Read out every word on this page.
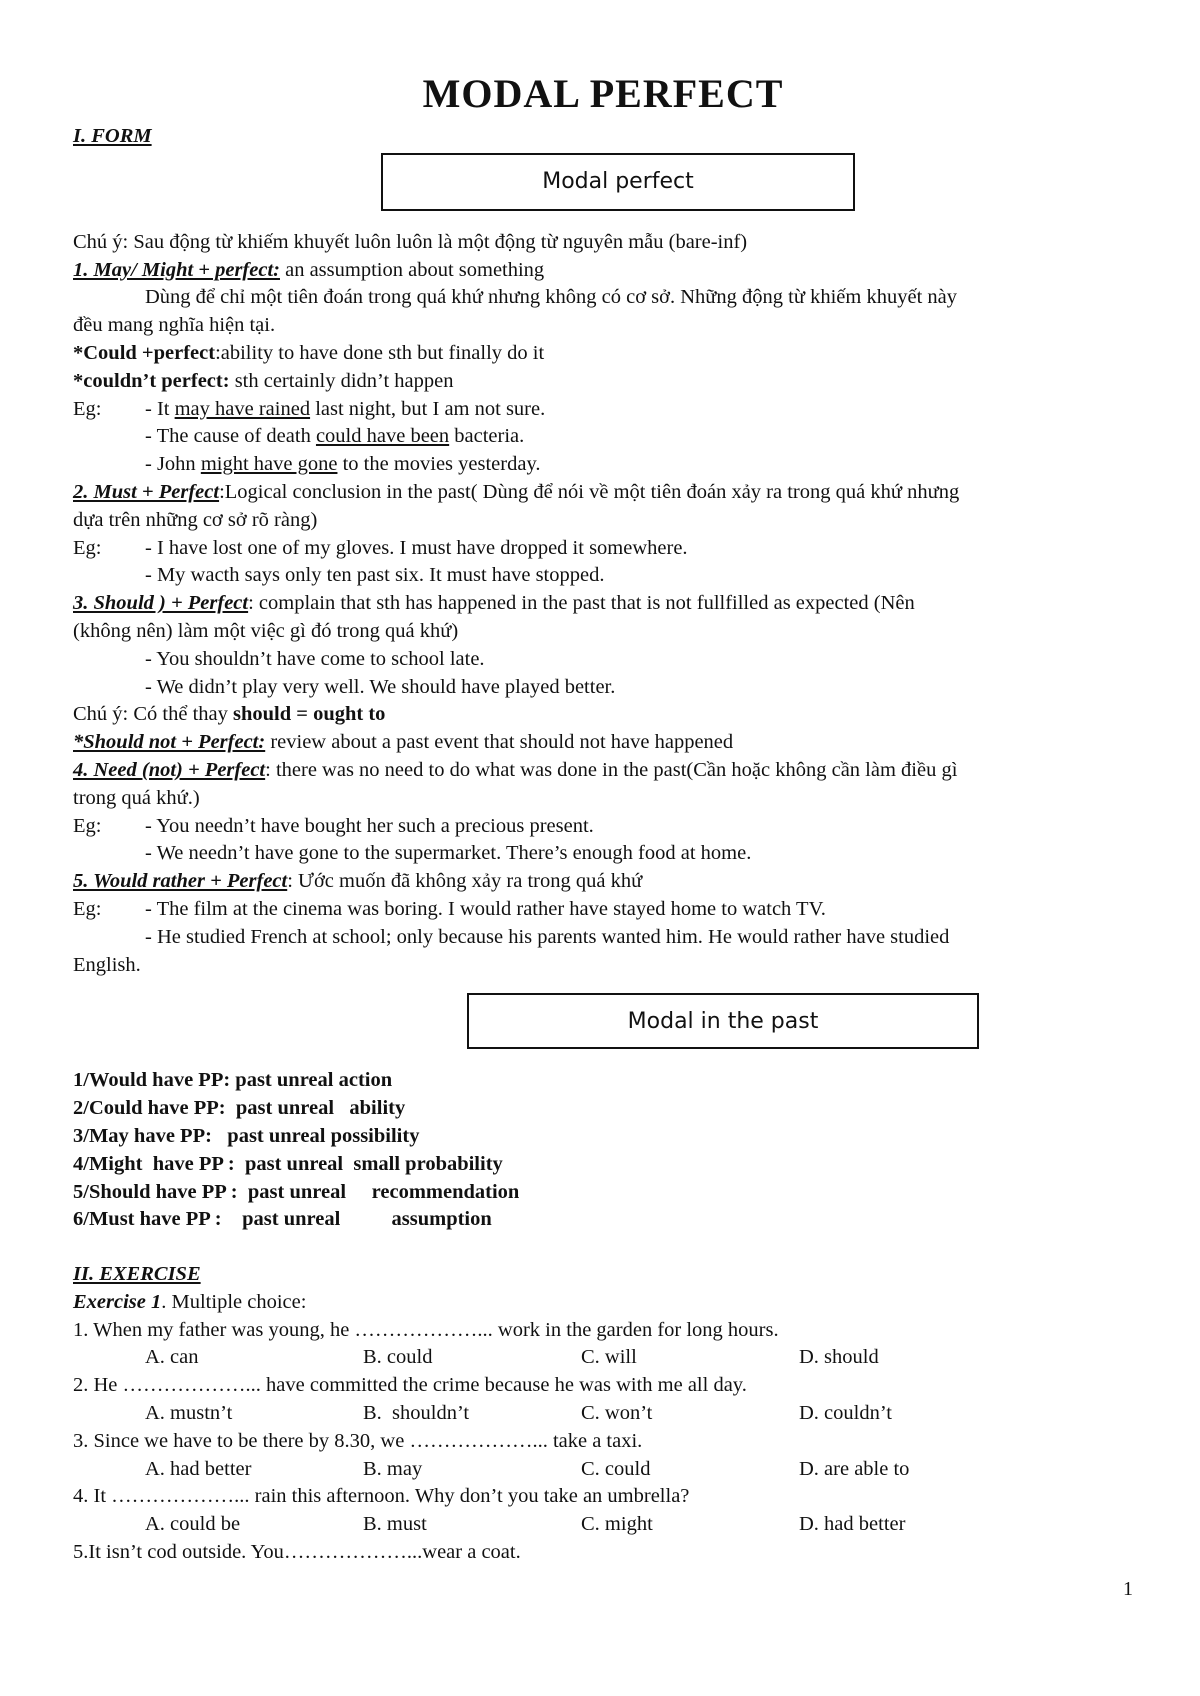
MODAL PERFECT
I. FORM
Modal perfect
Chú ý: Sau động từ khiếm khuyết luôn luôn là một động từ nguyên mẫu (bare-inf)
1. May/ Might + perfect: an assumption about something
Dùng để chỉ một tiên đoán trong quá khứ nhưng không có cơ sở. Những động từ khiếm khuyết này
đều mang nghĩa hiện tại.
*Could +perfect:ability to have done sth but finally do it
*couldn’t perfect: sth certainly didn’t happen
Eg: - It may have rained last night, but I am not sure.
- The cause of death could have been bacteria.
- John might have gone to the movies yesterday.
2. Must + Perfect:Logical conclusion in the past( Dùng để nói về một tiên đoán xảy ra trong quá khứ nhưng
dựa trên những cơ sở rõ ràng)
Eg: - I have lost one of my gloves. I must have dropped it somewhere.
- My wacth says only ten past six. It must have stopped.
3. Should ) + Perfect: complain that sth has happened in the past that is not fullfilled as expected (Nên
(không nên) làm một việc gì đó trong quá khứ)
- You shouldn’t have come to school late.
- We didn’t play very well. We should have played better.
Chú ý: Có thể thay should = ought to
*Should not + Perfect: review about a past event that should not have happened
4. Need (not) + Perfect: there was no need to do what was done in the past(Cần hoặc không cần làm điều gì
trong quá khứ.)
Eg: - You needn’t have bought her such a precious present.
- We needn’t have gone to the supermarket. There’s enough food at home.
5. Would rather + Perfect: Ước muốn đã không xảy ra trong quá khứ
Eg: - The film at the cinema was boring. I would rather have stayed home to watch TV.
- He studied French at school; only because his parents wanted him. He would rather have studied
English.
Modal in the past
1/Would have PP: past unreal action
2/Could have PP:  past unreal   ability
3/May have PP:   past unreal possibility
4/Might  have PP :  past unreal  small probability
5/Should have PP :  past unreal     recommendation
6/Must have PP :    past unreal          assumption
II. EXERCISE
Exercise 1. Multiple choice:
1. When my father was young, he ………………... work in the garden for long hours.
A. can	B. could	C. will	D. should
2. He ………………... have committed the crime because he was with me all day.
A. mustn’t	B.  shouldn’t	C. won’t	D. couldn’t
3. Since we have to be there by 8.30, we ………………... take a taxi.
A. had better	B. may	C. could	D. are able to
4. It ………………... rain this afternoon. Why don’t you take an umbrella?
A. could be	B. must	C. might	D. had better
5.It isn’t cod outside. You………………...wear a coat.
1
